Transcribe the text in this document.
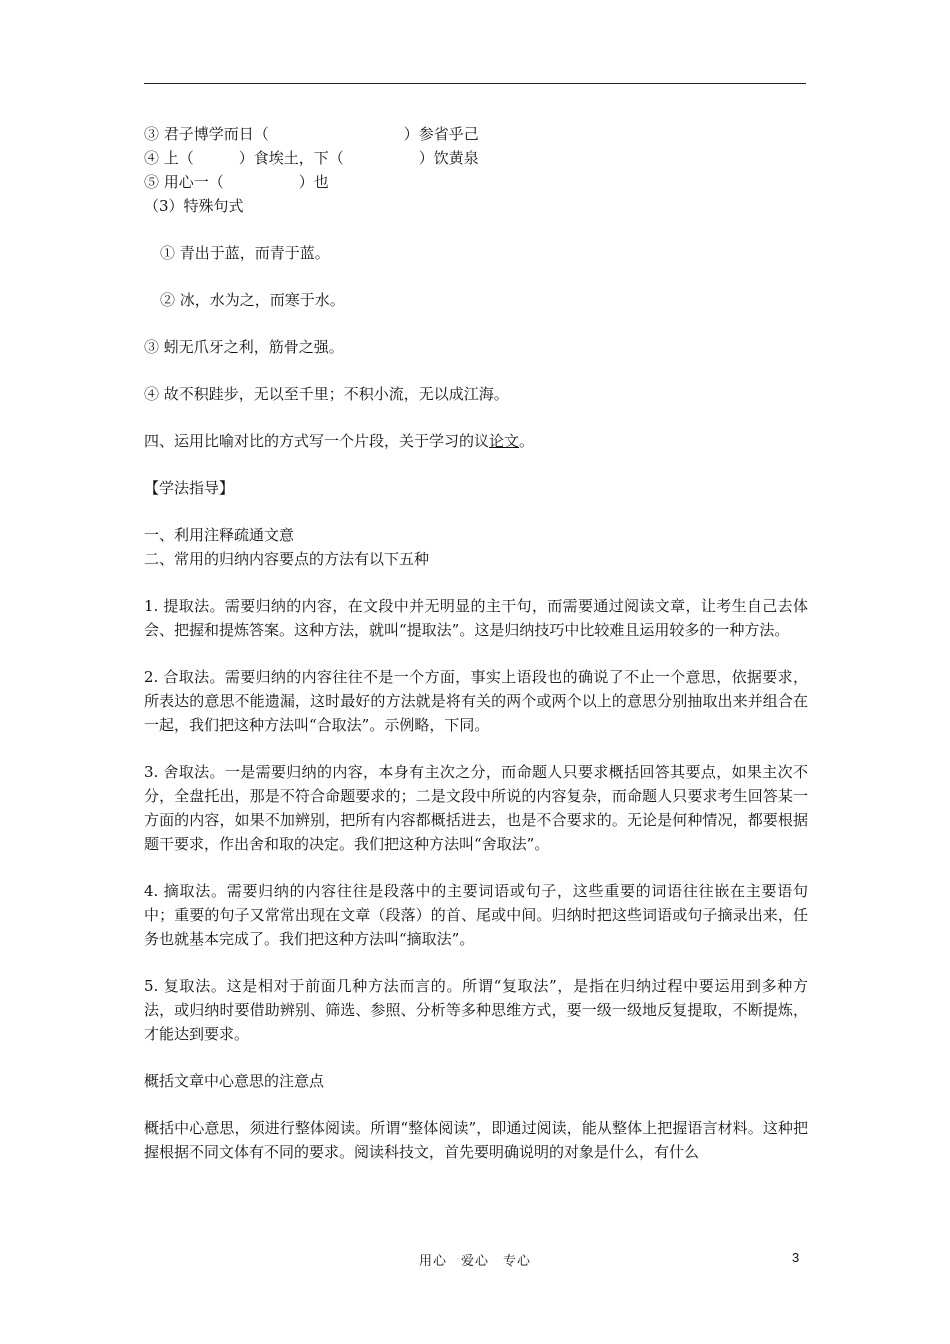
③ 君子博学而日（　　　　　　　　　）参省乎己

④ 上（　　　）食埃土，下（　　　　　）饮黄泉

⑤ 用心一（　　　　　）也

（3）特殊句式

① 青出于蓝，而青于蓝。

② 冰，水为之，而寒于水。

③ 蚓无爪牙之利，筋骨之强。

④ 故不积跬步，无以至千里；不积小流，无以成江海。

四、运用比喻对比的方式写一个片段，关于学习的议论文。

【学法指导】

一、利用注释疏通文意

二、常用的归纳内容要点的方法有以下五种

1. 提取法。需要归纳的内容，在文段中并无明显的主干句，而需要通过阅读文章，让考生自己去体会、把握和提炼答案。这种方法，就叫“提取法”。这是归纳技巧中比较难且运用较多的一种方法。

2. 合取法。需要归纳的内容往往不是一个方面，事实上语段也的确说了不止一个意思，依据要求，所表达的意思不能遗漏，这时最好的方法就是将有关的两个或两个以上的意思分别抽取出来并组合在一起，我们把这种方法叫“合取法”。示例略，下同。

3. 舍取法。一是需要归纳的内容，本身有主次之分，而命题人只要求概括回答其要点，如果主次不分，全盘托出，那是不符合命题要求的；二是文段中所说的内容复杂，而命题人只要求考生回答某一方面的内容，如果不加辨别，把所有内容都概括进去，也是不合要求的。无论是何种情况，都要根据题干要求，作出舍和取的决定。我们把这种方法叫“舍取法”。

4. 摘取法。需要归纳的内容往往是段落中的主要词语或句子，这些重要的词语往往嵌在主要语句中；重要的句子又常常出现在文章（段落）的首、尾或中间。归纳时把这些词语或句子摘录出来，任务也就基本完成了。我们把这种方法叫“摘取法”。

5. 复取法。这是相对于前面几种方法而言的。所谓“复取法”，是指在归纳过程中要运用到多种方法，或归纳时要借助辨别、筛选、参照、分析等多种思维方式，要一级一级地反复提取，不断提炼，才能达到要求。

概括文章中心意思的注意点

概括中心意思，须进行整体阅读。所谓“整体阅读”，即通过阅读，能从整体上把握语言材料。这种把握根据不同文体有不同的要求。阅读科技文，首先要明确说明的对象是什么，有什么

用心　爱心　专心	3
